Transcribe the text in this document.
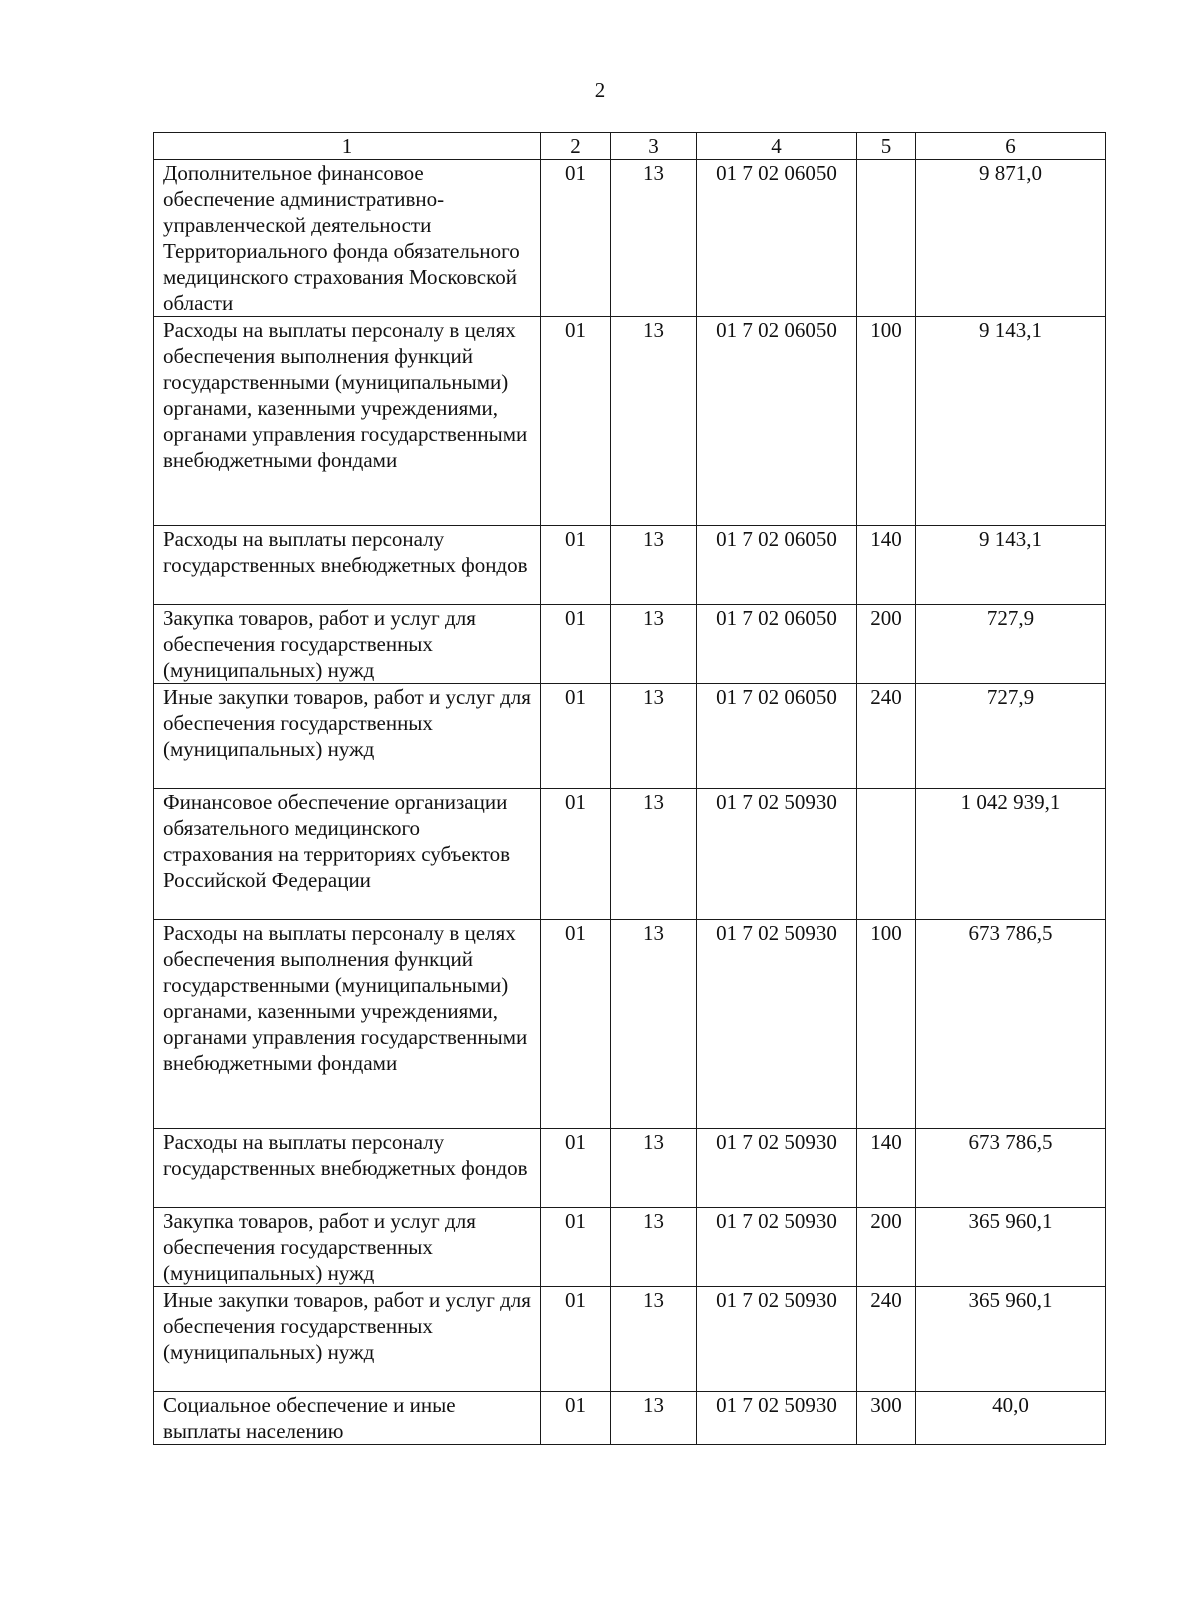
2
1	2	3	4	5	6
Дополнительное финансовое обеспечение административно-управленческой деятельности Территориального фонда обязательного медицинского страхования Московской области	01	13	01 7 02 06050		9 871,0
Расходы на выплаты персоналу в целях обеспечения выполнения функций государственными (муниципальными) органами, казенными учреждениями, органами управления государственными внебюджетными фондами	01	13	01 7 02 06050	100	9 143,1
Расходы на выплаты персоналу государственных внебюджетных фондов	01	13	01 7 02 06050	140	9 143,1
Закупка товаров, работ и услуг для обеспечения государственных (муниципальных) нужд	01	13	01 7 02 06050	200	727,9
Иные закупки товаров, работ и услуг для обеспечения государственных (муниципальных) нужд	01	13	01 7 02 06050	240	727,9
Финансовое обеспечение организации обязательного медицинского страхования на территориях субъектов Российской Федерации	01	13	01 7 02 50930		1 042 939,1
Расходы на выплаты персоналу в целях обеспечения выполнения функций государственными (муниципальными) органами, казенными учреждениями, органами управления государственными внебюджетными фондами	01	13	01 7 02 50930	100	673 786,5
Расходы на выплаты персоналу государственных внебюджетных фондов	01	13	01 7 02 50930	140	673 786,5
Закупка товаров, работ и услуг для обеспечения государственных (муниципальных) нужд	01	13	01 7 02 50930	200	365 960,1
Иные закупки товаров, работ и услуг для обеспечения государственных (муниципальных) нужд	01	13	01 7 02 50930	240	365 960,1
Социальное обеспечение и иные выплаты населению	01	13	01 7 02 50930	300	40,0
